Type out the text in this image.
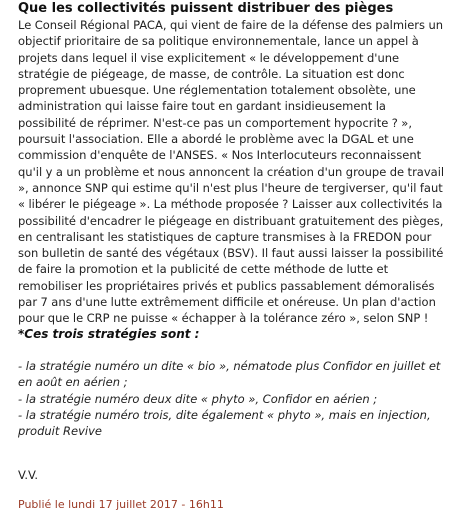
Que les collectivités puissent distribuer des pièges

Le Conseil Régional PACA, qui vient de faire de la défense des palmiers un objectif prioritaire de sa politique environnementale, lance un appel à projets dans lequel il vise explicitement « le développement d'une stratégie de piégeage, de masse, de contrôle. La situation est donc proprement ubuesque. Une réglementation totalement obsolète, une administration qui laisse faire tout en gardant insidieusement la possibilité de réprimer. N'est-ce pas un comportement hypocrite ? », poursuit l'association. Elle a abordé le problème avec la DGAL et une commission d'enquête de l'ANSES. « Nos Interlocuteurs reconnaissent qu'il y a un problème et nous annoncent la création d'un groupe de travail », annonce SNP qui estime qu'il n'est plus l'heure de tergiverser, qu'il faut « libérer le piégeage ». La méthode proposée ? Laisser aux collectivités la possibilité d'encadrer le piégeage en distribuant gratuitement des pièges, en centralisant les statistiques de capture transmises à la FREDON pour son bulletin de santé des végétaux (BSV). Il faut aussi laisser la possibilité de faire la promotion et la publicité de cette méthode de lutte et remobiliser les propriétaires privés et publics passablement démoralisés par 7 ans d'une lutte extrêmement difficile et onéreuse. Un plan d'action pour que le CRP ne puisse « échapper à la tolérance zéro », selon SNP !

*Ces trois stratégies sont :

- la stratégie numéro un dite « bio », nématode plus Confidor en juillet et en août en aérien ;
- la stratégie numéro deux dite « phyto », Confidor en aérien ;
- la stratégie numéro trois, dite également « phyto », mais en injection, produit Revive

V.V.

Publié le lundi 17 juillet 2017 - 16h11
